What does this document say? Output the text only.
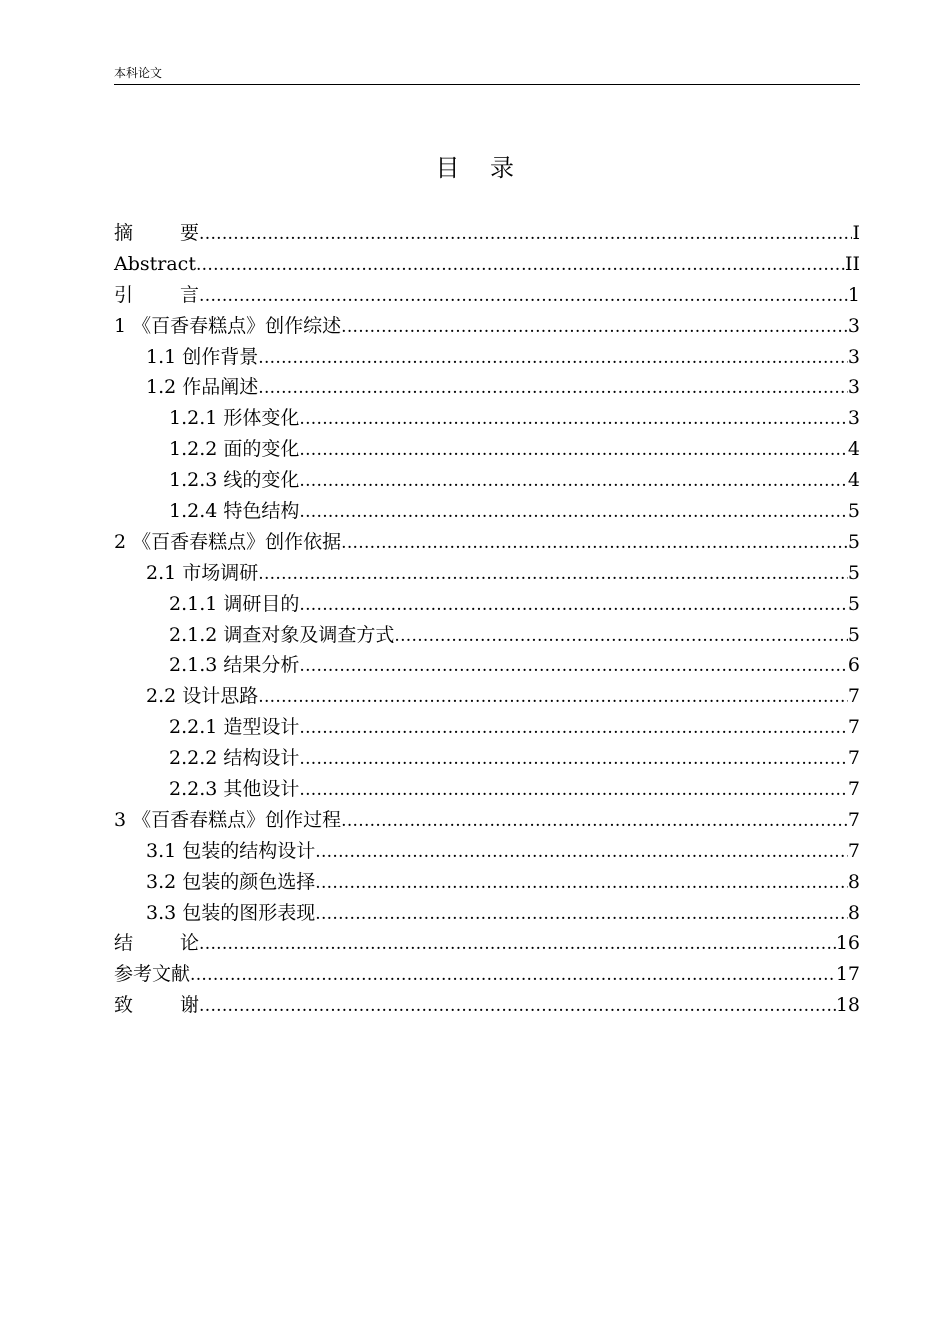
本科论文
目 录
摘 要 .....	I
Abstract .....	II
引 言 .....	1
1 《百香春糕点》创作综述 .....	3
1.1 创作背景 .....	3
1.2 作品阐述 .....	3
1.2.1 形体变化 .....	3
1.2.2 面的变化 .....	4
1.2.3 线的变化 .....	4
1.2.4 特色结构 .....	5
2 《百香春糕点》创作依据 .....	5
2.1 市场调研 .....	5
2.1.1 调研目的 .....	5
2.1.2 调查对象及调查方式 .....	5
2.1.3 结果分析 .....	6
2.2 设计思路 .....	7
2.2.1 造型设计 .....	7
2.2.2 结构设计 .....	7
2.2.3 其他设计 .....	7
3 《百香春糕点》创作过程 .....	7
3.1 包装的结构设计 .....	7
3.2 包装的颜色选择 .....	8
3.3 包装的图形表现 .....	8
结 论 .....	16
参考文献 .....	17
致 谢 .....	18
